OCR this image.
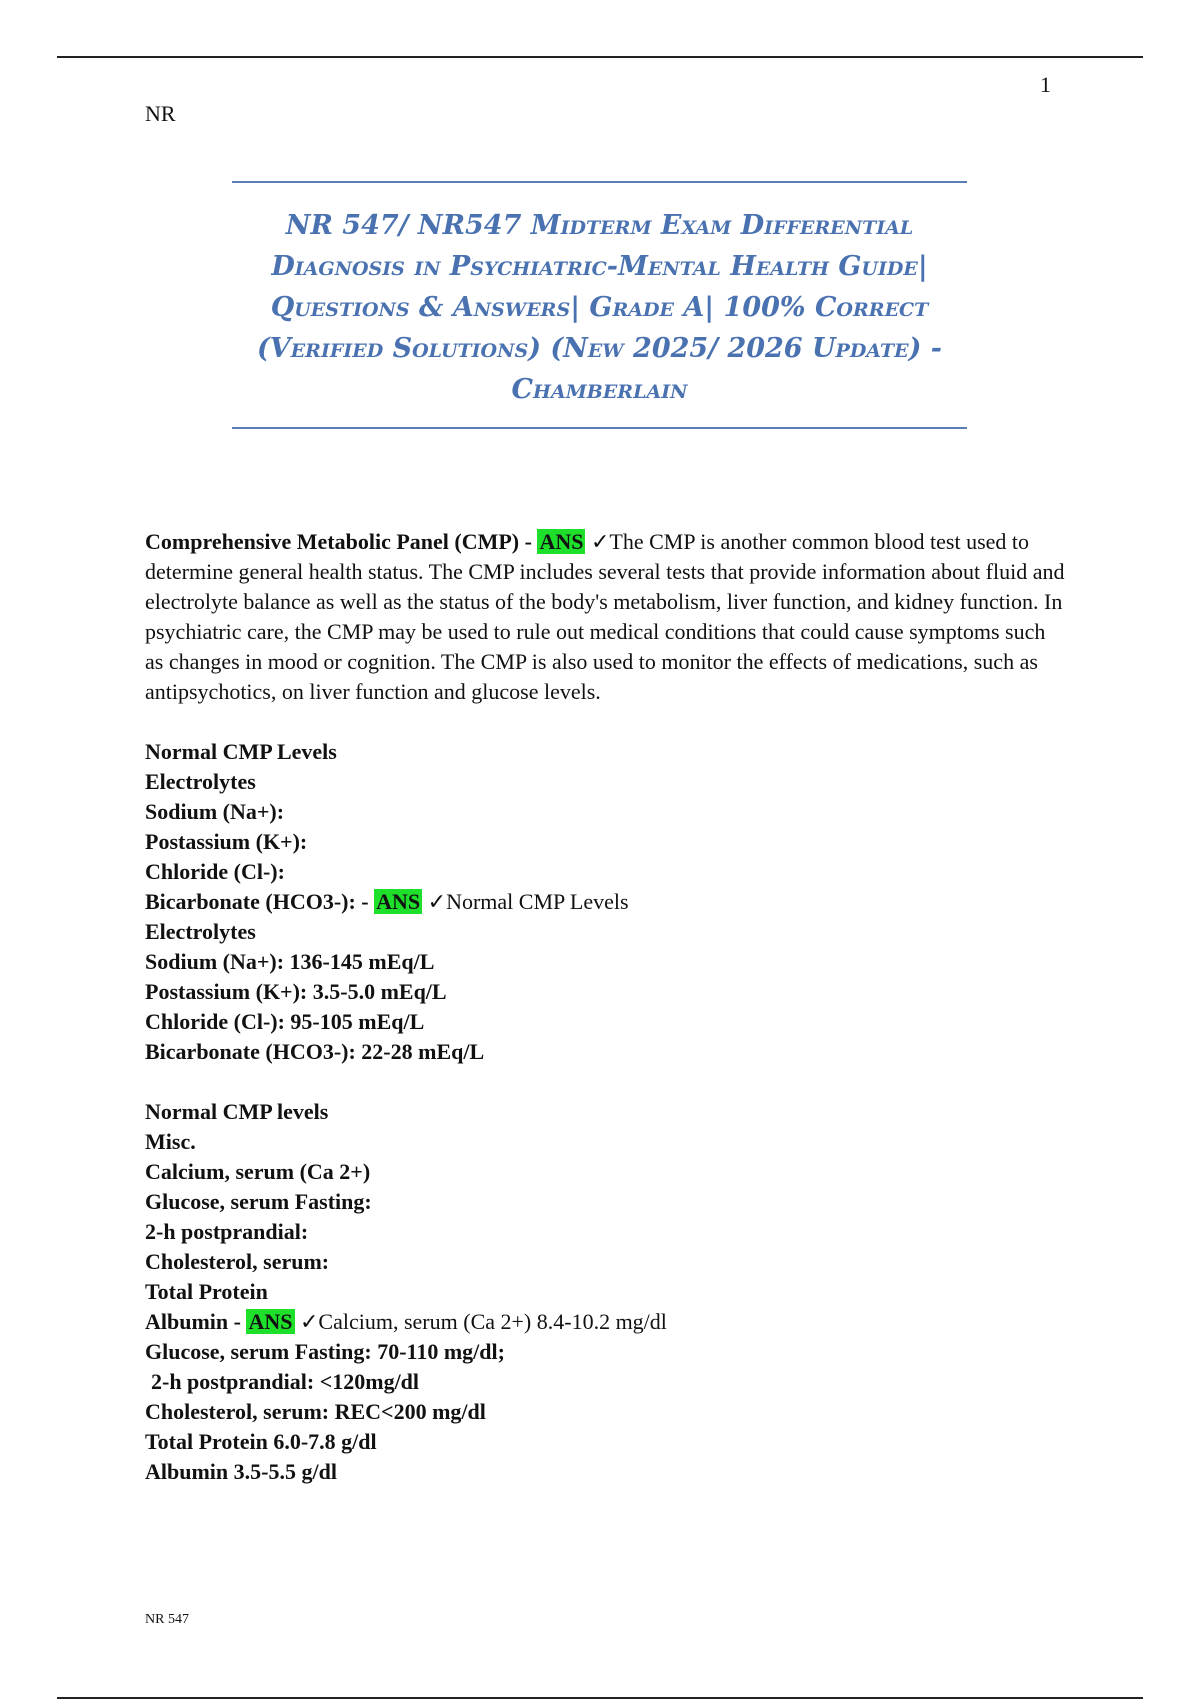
1
NR
NR 547/ NR547 Midterm Exam Differential
Diagnosis in Psychiatric-Mental Health Guide|
Questions & Answers| Grade A| 100% Correct
(Verified Solutions) (New 2025/ 2026 Update) -
Chamberlain

Comprehensive Metabolic Panel (CMP) - ANS ✓The CMP is another common blood test used to determine general health status. The CMP includes several tests that provide information about fluid and electrolyte balance as well as the status of the body's metabolism, liver function, and kidney function. In psychiatric care, the CMP may be used to rule out medical conditions that could cause symptoms such as changes in mood or cognition. The CMP is also used to monitor the effects of medications, such as antipsychotics, on liver function and glucose levels.

Normal CMP Levels
Electrolytes
Sodium (Na+):
Postassium (K+):
Chloride (Cl-):

Bicarbonate (HCO3-): - ANS ✓Normal CMP Levels

Electrolytes
Sodium (Na+): 136-145 mEq/L
Postassium (K+): 3.5-5.0 mEq/L
Chloride (Cl-): 95-105 mEq/L
Bicarbonate (HCO3-): 22-28 mEq/L
Normal CMP levels
Misc.
Calcium, serum (Ca 2+)
Glucose, serum Fasting:
2-h postprandial:
Cholesterol, serum:
Total Protein

Albumin - ANS ✓Calcium, serum (Ca 2+) 8.4-10.2 mg/dl

Glucose, serum Fasting: 70-110 mg/dl;
2-h postprandial: <120mg/dl
Cholesterol, serum: REC<200 mg/dl
Total Protein 6.0-7.8 g/dl
Albumin 3.5-5.5 g/dl
NR 547
